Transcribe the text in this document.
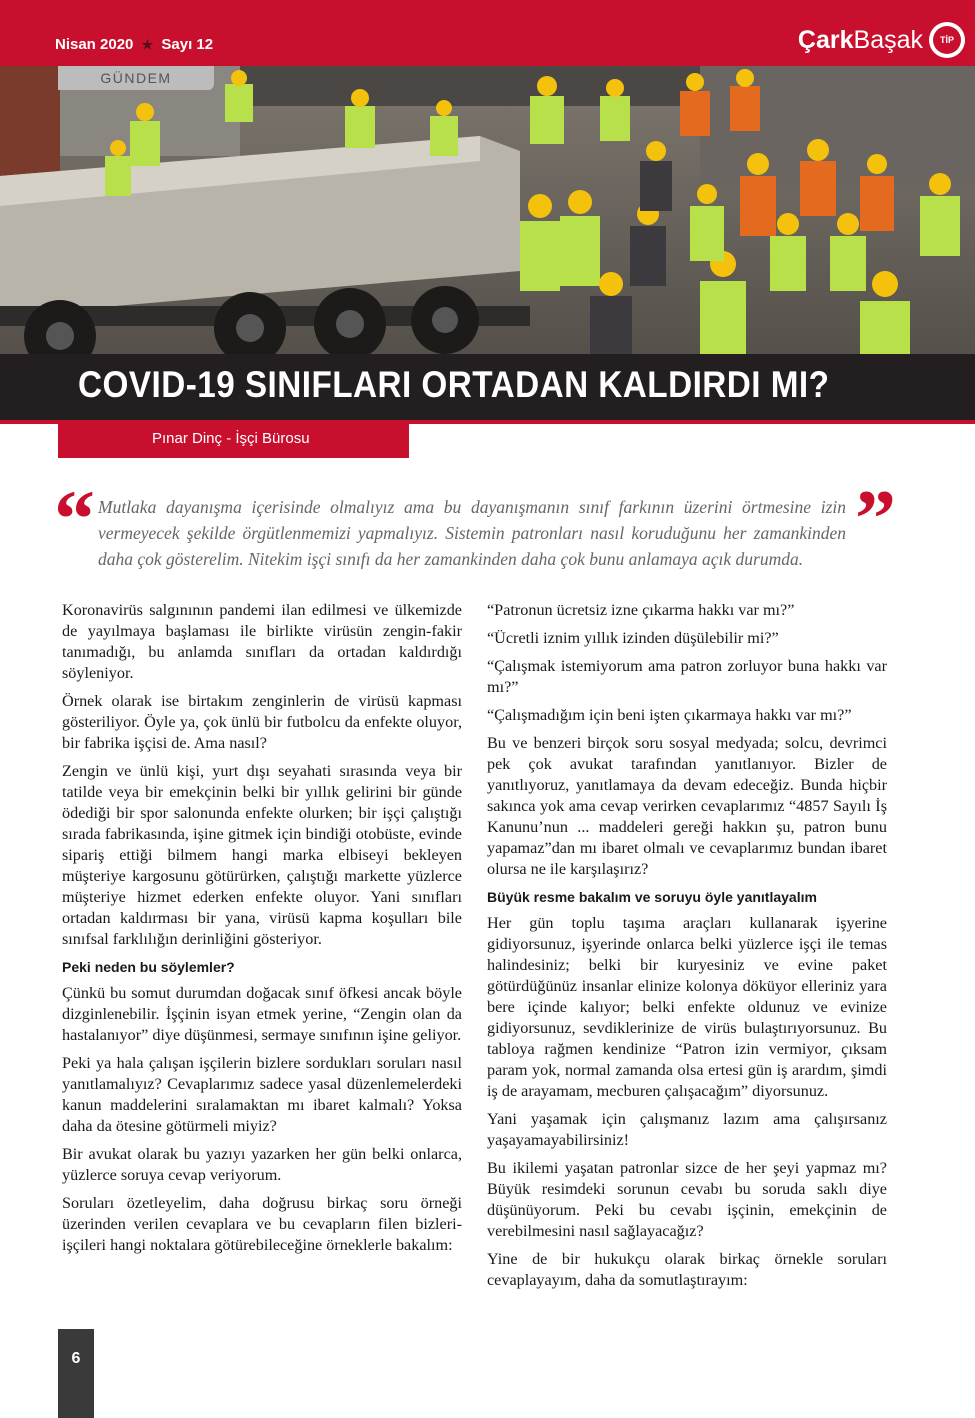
Nisan 2020 ★ Sayı 12	ÇarkBaşak	TİP
GÜNDEM
COVID-19 SINIFLARI ORTADAN KALDIRDI MI?
Pınar Dinç - İşçi Bürosu
“ Mutlaka dayanışma içerisinde olmalıyız ama bu dayanışmanın sınıf farkının üzerini örtmesine izin vermeyecek şekilde örgütlenmemizi yapmalıyız. Sistemin patronları nasıl koruduğunu her zamankinden daha çok gösterelim. Nitekim işçi sınıfı da her zamankinden daha çok bunu anlamaya açık durumda. ”

Koronavirüs salgınının pandemi ilan edilmesi ve ülkemizde de yayılmaya başlaması ile birlikte virüsün zengin-fakir tanımadığı, bu anlamda sınıfları da ortadan kaldırdığı söyleniyor.

Örnek olarak ise birtakım zenginlerin de virüsü kapması gösteriliyor. Öyle ya, çok ünlü bir futbolcu da enfekte oluyor, bir fabrika işçisi de. Ama nasıl?

Zengin ve ünlü kişi, yurt dışı seyahati sırasında veya bir tatilde veya bir emekçinin belki bir yıllık gelirini bir günde ödediği bir spor salonunda enfekte olurken; bir işçi çalıştığı sırada fabrikasında, işine gitmek için bindiği otobüste, evinde sipariş ettiği bilmem hangi marka elbiseyi bekleyen müşteriye kargosunu götürürken, çalıştığı markette yüzlerce müşteriye hizmet ederken enfekte oluyor. Yani sınıfları ortadan kaldırması bir yana, virüsü kapma koşulları bile sınıfsal farklılığın derinliğini gösteriyor.

Peki neden bu söylemler?

Çünkü bu somut durumdan doğacak sınıf öfkesi ancak böyle dizginlenebilir. İşçinin isyan etmek yerine, “Zengin olan da hastalanıyor” diye düşünmesi, sermaye sınıfının işine geliyor.

Peki ya hala çalışan işçilerin bizlere sordukları soruları nasıl yanıtlamalıyız? Cevaplarımız sadece yasal düzenlemelerdeki kanun maddelerini sıralamaktan mı ibaret kalmalı? Yoksa daha da ötesine götürmeli miyiz?

Bir avukat olarak bu yazıyı yazarken her gün belki onlarca, yüzlerce soruya cevap veriyorum.

Soruları özetleyelim, daha doğrusu birkaç soru örneği üzerinden verilen cevaplara ve bu cevapların filen bizleri-işçileri hangi noktalara götürebileceğine örneklerle bakalım:

“Patronun ücretsiz izne çıkarma hakkı var mı?”

“Ücretli iznim yıllık izinden düşülebilir mi?”

“Çalışmak istemiyorum ama patron zorluyor buna hakkı var mı?”

“Çalışmadığım için beni işten çıkarmaya hakkı var mı?”

Bu ve benzeri birçok soru sosyal medyada; solcu, devrimci pek çok avukat tarafından yanıtlanıyor. Bizler de yanıtlıyoruz, yanıtlamaya da devam edeceğiz. Bunda hiçbir sakınca yok ama cevap verirken cevaplarımız “4857 Sayılı İş Kanunu’nun ... maddeleri gereği hakkın şu, patron bunu yapamaz”dan mı ibaret olmalı ve cevaplarımız bundan ibaret olursa ne ile karşılaşırız?

Büyük resme bakalım ve soruyu öyle yanıtlayalım

Her gün toplu taşıma araçları kullanarak işyerine gidiyorsunuz, işyerinde onlarca belki yüzlerce işçi ile temas halindesiniz; belki bir kuryesiniz ve evine paket götürdüğünüz insanlar elinize kolonya döküyor elleriniz yara bere içinde kalıyor; belki enfekte oldunuz ve evinize gidiyorsunuz, sevdiklerinize de virüs bulaştırıyorsunuz. Bu tabloya rağmen kendinize “Patron izin vermiyor, çıksam param yok, normal zamanda olsa ertesi gün iş arardım, şimdi iş de arayamam, mecburen çalışacağım” diyorsunuz.

Yani yaşamak için çalışmanız lazım ama çalışırsanız yaşayamayabilirsiniz!

Bu ikilemi yaşatan patronlar sizce de her şeyi yapmaz mı? Büyük resimdeki sorunun cevabı bu soruda saklı diye düşünüyorum. Peki bu cevabı işçinin, emekçinin de verebilmesini nasıl sağlayacağız?

Yine de bir hukukçu olarak birkaç örnekle soruları cevaplayayım, daha da somutlaştırayım:

6
